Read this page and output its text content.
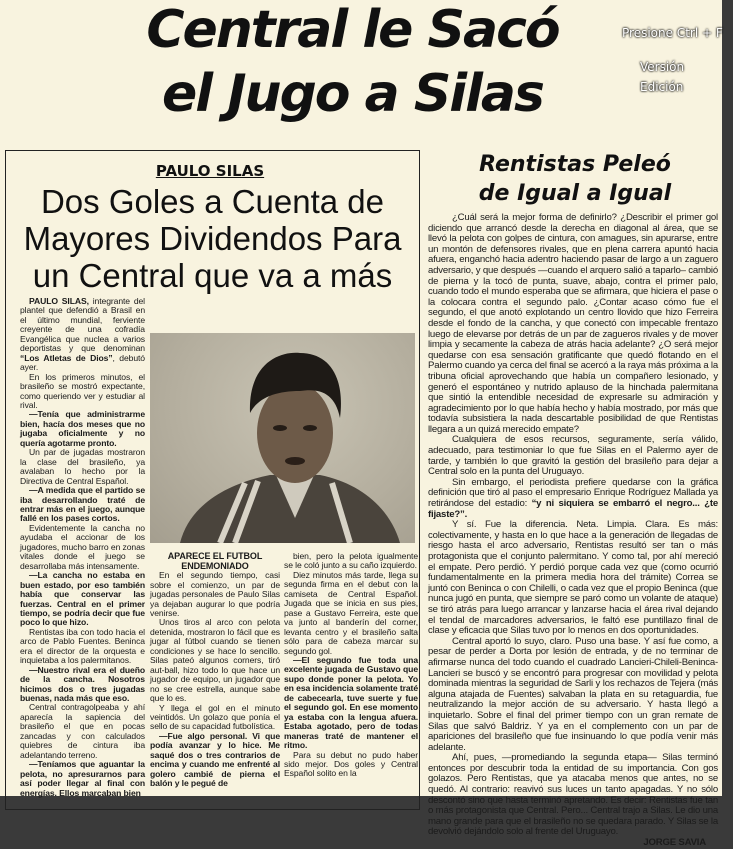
Central le Sacó
el Jugo a Silas
PAULO SILAS
Dos Goles a Cuenta de Mayores Dividendos Para un Central que va a más

PAULO SILAS, integrante del plantel que defendió a Brasil en el último mundial, ferviente creyente de una cofradía Evangélica que nuclea a varios deportistas y que denominan “Los Atletas de Dios”, debutó ayer.

En los primeros minutos, el brasileño se mostró expectante, como queriendo ver y estudiar al rival.

—Tenía que administrarme bien, hacía dos meses que no jugaba oficialmente y no quería agotarme pronto.

Un par de jugadas mostraron la clase del brasileño, ya avalaban lo hecho por la Directiva de Central Español.

—A medida que el partido se iba desarrollando traté de entrar más en el juego, aunque fallé en los pases cortos.

Evidentemente la cancha no ayudaba el accionar de los jugadores, mucho barro en zonas vitales donde el juego se desarrollaba más intensamente.

—La cancha no estaba en buen estado, por eso también había que conservar las fuerzas. Central en el primer tiempo, se podría decir que fue poco lo que hizo.

Rentistas iba con todo hacia el arco de Pablo Fuentes. Beninca era el director de la orquesta e inquietaba a los palermitanos.

—Nuestro rival era el dueño de la cancha. Nosotros hicimos dos o tres jugadas buenas, nada más que eso.

Central contragolpeaba y ahí aparecía la sapiencia del brasileño el que en pocas zancadas y con calculados quiebres de cintura iba adelantando terreno.

—Teníamos que aguantar la pelota, no apresurarnos para así poder llegar al final con energías. Ellos marcaban bien

APARECE EL FUTBOL ENDEMONIADO

En el segundo tiempo, casi sobre el comienzo, un par de jugadas personales de Paulo Silas ya dejaban augurar lo que podría venirse.

Unos tiros al arco con pelota detenida, mostraron lo fácil que es jugar al fútbol cuando se tienen condiciones y se hace lo sencillo. Silas pateó algunos corners, tiró aut-ball, hizo todo lo que hace un jugador de equipo, un jugador que no se cree estrella, aunque sabe que lo es.

Y llega el gol en el minuto veintidós. Un golazo que ponía el sello de su capacidad futbolística.

—Fue algo personal. Vi que podía avanzar y lo hice. Me saqué dos o tres contrarios de encima y cuando me enfrenté al golero cambié de pierna el balón y le pegué de

bien, pero la pelota igualmente se le coló junto a su caño izquierdo.

Diez minutos más tarde, llega su segunda firma en el debut con la camiseta de Central Español. Jugada que se inicia en sus pies, pase a Gustavo Ferreira, este que va junto al banderín del corner, levanta centro y el brasileño salta sólo para de cabeza marcar su segundo gol.

—El segundo fue toda una excelente jugada de Gustavo que supo donde poner la pelota. Yo en esa incidencia solamente traté de cabecearla, tuve suerte y fue el segundo gol. En ese momento ya estaba con la lengua afuera. Estaba agotado, pero de todas maneras traté de mantener el ritmo.

Para su debut no pudo haber sido mejor. Dos goles y Central Español solito en la

Rentistas Peleó
de Igual a Igual

¿Cuál será la mejor forma de definirlo? ¿Describir el primer gol diciendo que arrancó desde la derecha en diagonal al área, que se llevó la pelota con golpes de cintura, con amagues, sin apurarse, entre un montón de defensores rivales, que en plena carrera apuntó hacia afuera, enganchó hacia adentro haciendo pasar de largo a un zaguero adversario, y que después —cuando el arquero salió a taparlo– cambió de pierna y la tocó de punta, suave, abajo, contra el primer palo, cuando todo el mundo esperaba que se afirmara, que hiciera el pase o la colocara contra el segundo palo. ¿Contar acaso cómo fue el segundo, el que anotó explotando un centro llovido que hizo Ferreira desde el fondo de la cancha, y que conectó con impecable frentazo luego de elevarse por detrás de un par de zagueros rivales y de mover limpia y secamente la cabeza de atrás hacia adelante? ¿O será mejor quedarse con esa sensación gratificante que quedó flotando en el Palermo cuando ya cerca del final se acercó a la raya más próxima a la tribuna oficial aprovechando que había un compañero lesionado, y generó el espontáneo y nutrido aplauso de la hinchada palermitana que sintió la entendible necesidad de expresarle su admiración y agradecimiento por lo que había hecho y había mostrado, por más que todavía subsistiera la nada descartable posibilidad de que Rentistas llegara a un quizá merecido empate?

Cualquiera de esos recursos, seguramente, sería válido, adecuado, para testimoniar lo que fue Silas en el Palermo ayer de tarde, y también lo que gravitó la gestión del brasileño para dejar a Central solo en la punta del Uruguayo.

Sin embargo, el periodista prefiere quedarse con la gráfica definición que tiró al paso el empresario Enrique Rodríguez Mallada ya retirándose del estadio: “y ni siquiera se embarró el negro... ¿te fijaste?”.

Y sí. Fue la diferencia. Neta. Limpia. Clara. Es más: colectivamente, y hasta en lo que hace a la generación de llegadas de riesgo hasta el arco adversario, Rentistas resultó ser tan o más protagonista que el conjunto palermitano. Y como tal, por ahí mereció el empate. Pero perdió. Y perdió porque cada vez que (como ocurrió fundamentalmente en la primera media hora del trámite) Correa se juntó con Beninca o con Chilelli, o cada vez que el propio Beninca (que nunca jugó en punta, que siempre se paró como un volante de ataque) se tiró atrás para luego arrancar y lanzarse hacia el área rival dejando el tendal de marcadores adversarios, le faltó ese puntillazo final de clase y eficacia que Silas tuvo por lo menos en dos oportunidades.

Central aportó lo suyo, claro. Puso una base. Y así fue como, a pesar de perder a Dorta por lesión de entrada, y de no terminar de afirmarse nunca del todo cuando el cuadrado Lancieri-Chileli-Beninca-Lancieri se buscó y se encontró para progresar con movilidad y pelota dominada mientras la seguridad de Sarli y los rechazos de Tejera (más alguna atajada de Fuentes) salvaban la plata en su retaguardia, fue neutralizando la mejor acción de su adversario. Y hasta llegó a inquietarlo. Sobre el final del primer tiempo con un gran remate de Silas que salvó Baldriz. Y ya en el complemento con un par de apariciones del brasileño que fue insinuando lo que podía venir más adelante.

Ahí, pues, —promediando la segunda etapa— Silas terminó entonces por descubrir toda la entidad de su importancia. Con gos golazos. Pero Rentistas, que ya atacaba menos que antes, no se quedó. Al contrario: reavivó sus luces un tanto apagadas. Y no sólo descontó sino que hasta terminó apretando. Es decir: Rentistas fue tan o más protagonista que Central. Pero... Central trajo a Silas. Le dio una mano grande para que el brasileño no se quedara parado. Y Silas se la devolvió dejándolo solo al frente del Uruguayo.

JORGE SAVIA
Presione Ctrl + F
Versión
Edición
